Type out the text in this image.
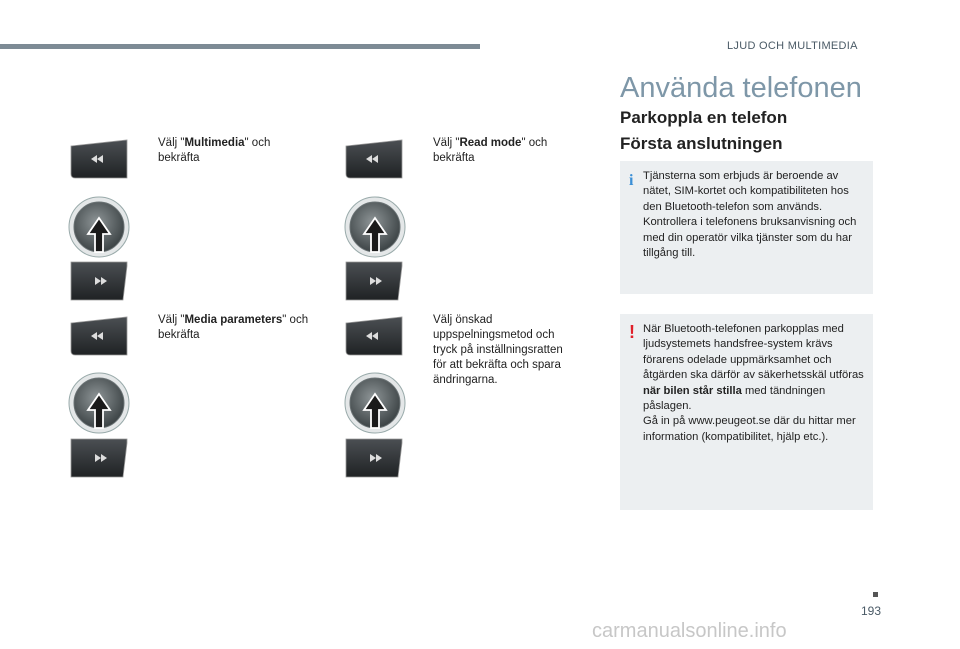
LJUD OCH MULTIMEDIA
Välj "Multimedia" och bekräfta
Välj "Read mode" och bekräfta
Välj "Media parameters" och bekräfta
Välj önskad uppspelningsmetod och tryck på inställningsratten för att bekräfta och spara ändringarna.
Använda telefonen
Parkoppla en telefon
Första anslutningen
i Tjänsterna som erbjuds är beroende av nätet, SIM-kortet och kompatibiliteten hos den Bluetooth-telefon som används. Kontrollera i telefonens bruksanvisning och med din operatör vilka tjänster som du har tillgång till.
! När Bluetooth-telefonen parkopplas med ljudsystemets handsfree-system krävs förarens odelade uppmärksamhet och åtgärden ska därför av säkerhetsskäl utföras när bilen står stilla med tändningen påslagen.
Gå in på www.peugeot.se där du hittar mer information (kompatibilitet, hjälp etc.).
193
carmanualsonline.info
